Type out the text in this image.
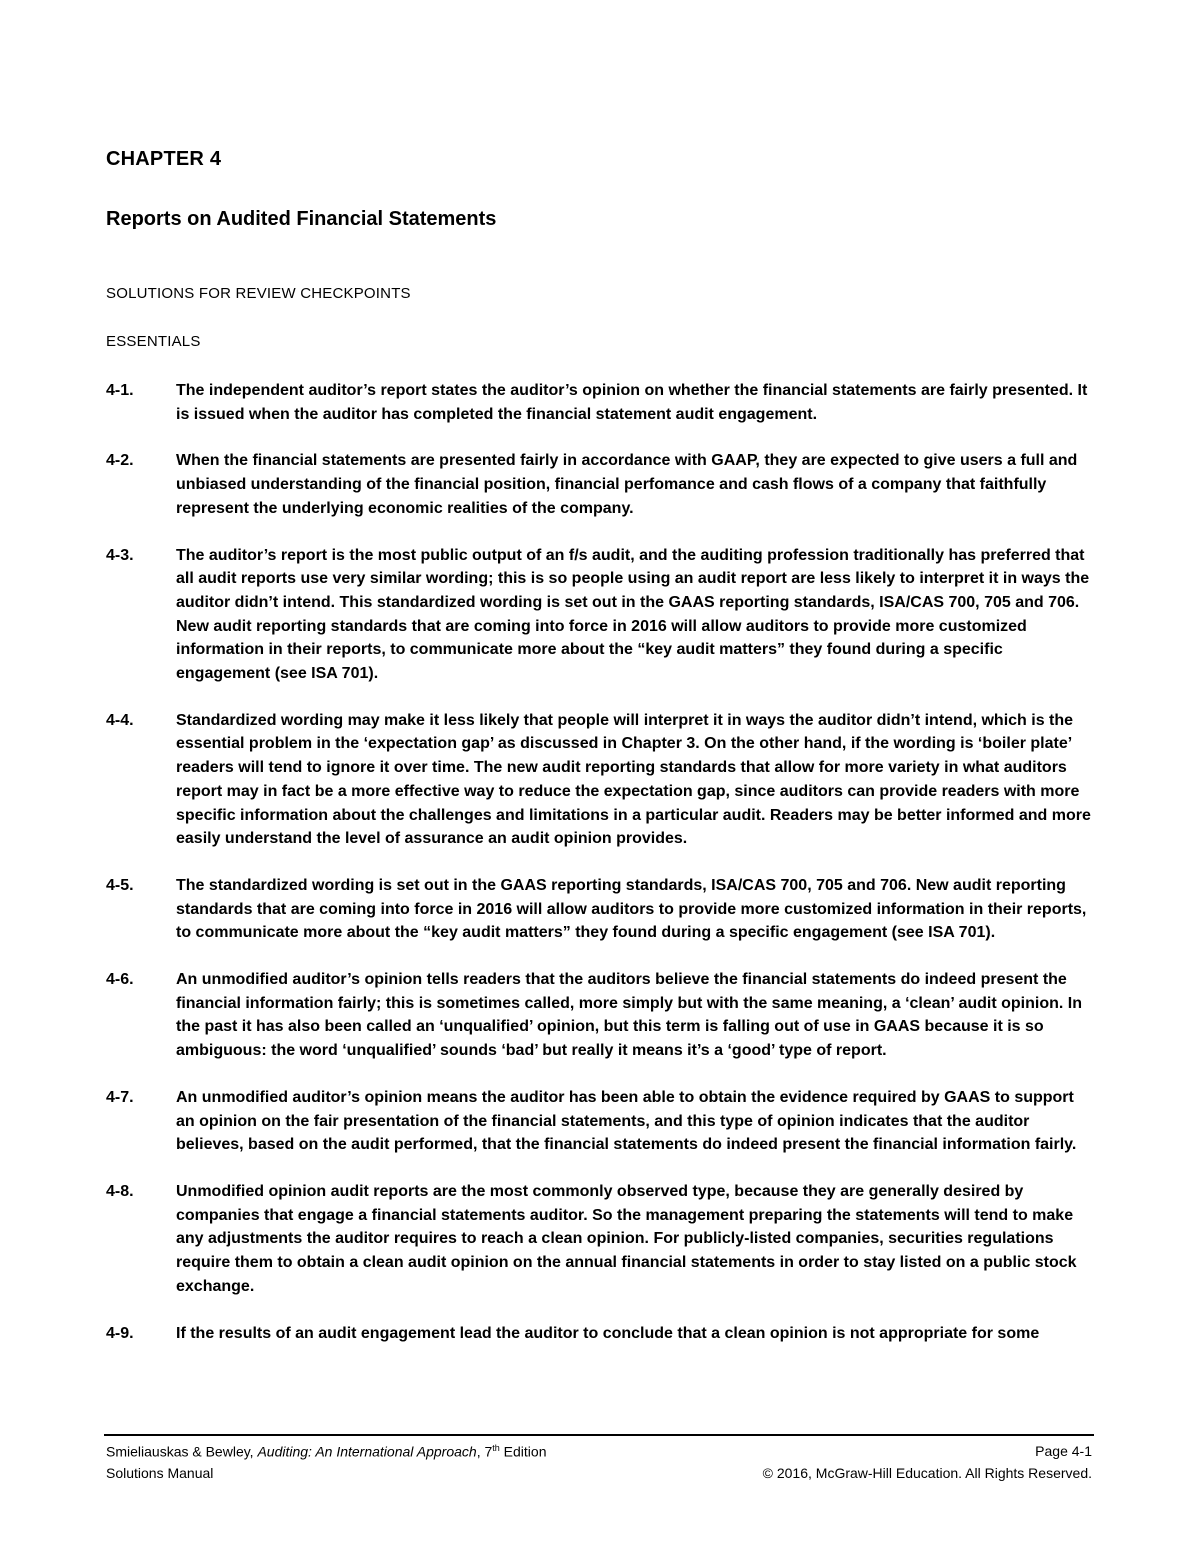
CHAPTER 4
Reports on Audited Financial Statements
SOLUTIONS FOR REVIEW CHECKPOINTS
ESSENTIALS
4-1.	The independent auditor’s report states the auditor’s opinion on whether the financial statements are fairly presented. It is issued when the auditor has completed the financial statement audit engagement.
4-2.	When the financial statements are presented fairly in accordance with GAAP, they are expected to give users a full and unbiased understanding of the financial position, financial perfomance and cash flows of a company that faithfully represent the underlying economic realities of the company.
4-3.	The auditor’s report is the most public output of an f/s audit, and the auditing profession traditionally has preferred that all audit reports use very similar wording; this is so people using an audit report are less likely to interpret it in ways the auditor didn’t intend. This standardized wording is set out in the GAAS reporting standards, ISA/CAS 700, 705 and 706. New audit reporting standards that are coming into force in 2016 will allow auditors to provide more customized information in their reports, to communicate more about the “key audit matters” they found during a specific engagement (see ISA 701).
4-4.	Standardized wording may make it less likely that people will interpret it in ways the auditor didn’t intend, which is the essential problem in the ‘expectation gap’ as discussed in Chapter 3. On the other hand, if the wording is ‘boiler plate’ readers will tend to ignore it over time. The new audit reporting standards that allow for more variety in what auditors report may in fact be a more effective way to reduce the expectation gap, since auditors can provide readers with more specific information about the challenges and limitations in a particular audit. Readers may be better informed and more easily understand the level of assurance an audit opinion provides.
4-5.	The standardized wording is set out in the GAAS reporting standards, ISA/CAS 700, 705 and 706. New audit reporting standards that are coming into force in 2016 will allow auditors to provide more customized information in their reports, to communicate more about the “key audit matters” they found during a specific engagement (see ISA 701).
4-6.	An unmodified auditor’s opinion tells readers that the auditors believe the financial statements do indeed present the financial information fairly; this is sometimes called, more simply but with the same meaning, a ‘clean’ audit opinion. In the past it has also been called an ‘unqualified’ opinion, but this term is falling out of use in GAAS because it is so ambiguous: the word ‘unqualified’ sounds ‘bad’ but really it means it’s a ‘good’ type of report.
4-7.	An unmodified auditor’s opinion means the auditor has been able to obtain the evidence required by GAAS to support an opinion on the fair presentation of the financial statements, and this type of opinion indicates that the auditor believes, based on the audit performed, that the financial statements do indeed present the financial information fairly.
4-8.	Unmodified opinion audit reports are the most commonly observed type, because they are generally desired by companies that engage a financial statements auditor. So the management preparing the statements will tend to make any adjustments the auditor requires to reach a clean opinion. For publicly-listed companies, securities regulations require them to obtain a clean audit opinion on the annual financial statements in order to stay listed on a public stock exchange.
4-9.	If the results of an audit engagement lead the auditor to conclude that a clean opinion is not appropriate for some
Smieliauskas & Bewley, Auditing: An International Approach, 7th Edition	Page 4-1
Solutions Manual	© 2016, McGraw-Hill Education. All Rights Reserved.
